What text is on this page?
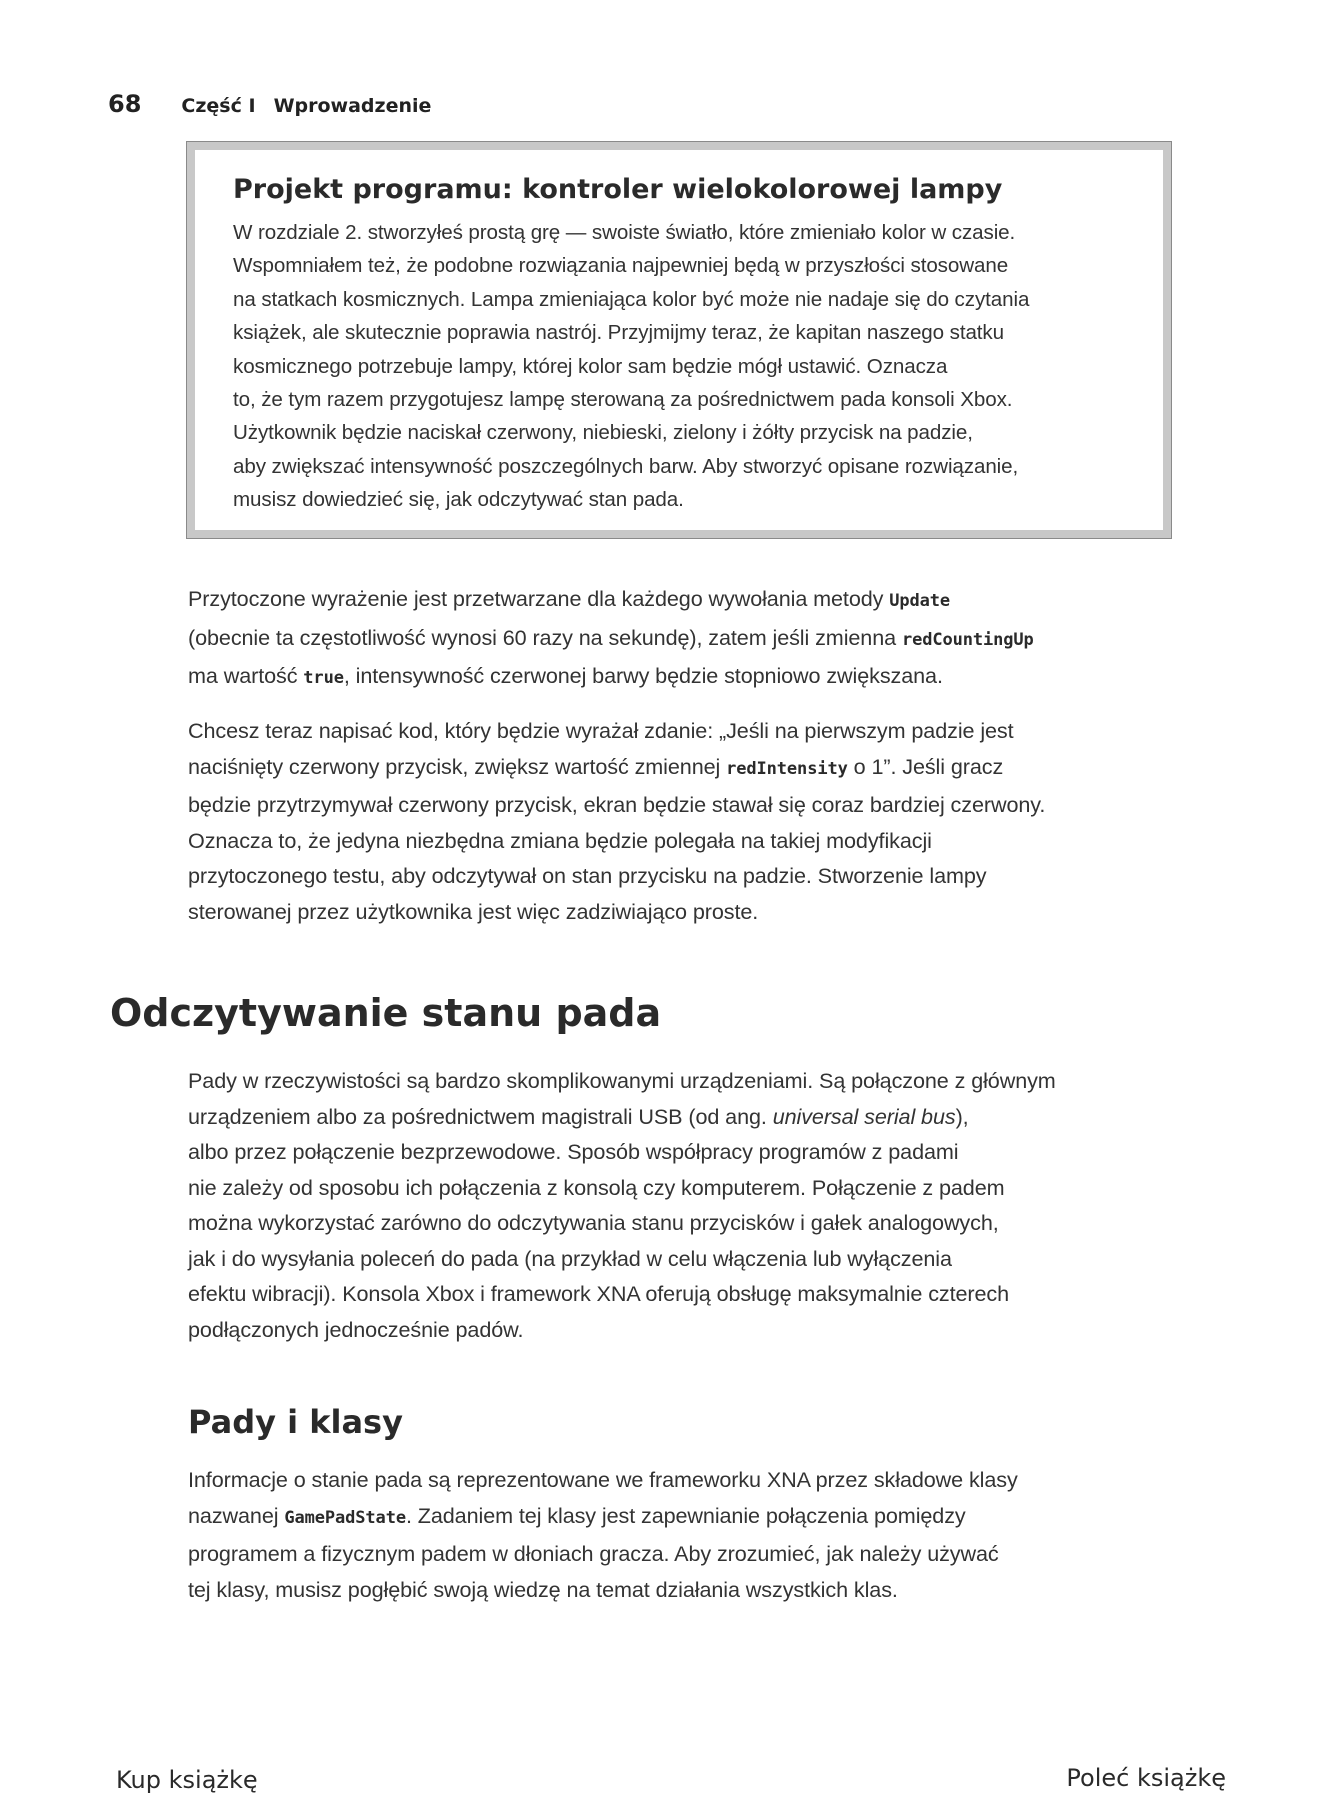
68 Część I Wprowadzenie
Projekt programu: kontroler wielokolorowej lampy

W rozdziale 2. stworzyłeś prostą grę — swoiste światło, które zmieniało kolor w czasie.
Wspomniałem też, że podobne rozwiązania najpewniej będą w przyszłości stosowane
na statkach kosmicznych. Lampa zmieniająca kolor być może nie nadaje się do czytania
książek, ale skutecznie poprawia nastrój. Przyjmijmy teraz, że kapitan naszego statku
kosmicznego potrzebuje lampy, której kolor sam będzie mógł ustawić. Oznacza
to, że tym razem przygotujesz lampę sterowaną za pośrednictwem pada konsoli Xbox.
Użytkownik będzie naciskał czerwony, niebieski, zielony i żółty przycisk na padzie,
aby zwiększać intensywność poszczególnych barw. Aby stworzyć opisane rozwiązanie,
musisz dowiedzieć się, jak odczytywać stan pada.

Przytoczone wyrażenie jest przetwarzane dla każdego wywołania metody Update
(obecnie ta częstotliwość wynosi 60 razy na sekundę), zatem jeśli zmienna redCountingUp
ma wartość true, intensywność czerwonej barwy będzie stopniowo zwiększana.

Chcesz teraz napisać kod, który będzie wyrażał zdanie: „Jeśli na pierwszym padzie jest
naciśnięty czerwony przycisk, zwiększ wartość zmiennej redIntensity o 1”. Jeśli gracz
będzie przytrzymywał czerwony przycisk, ekran będzie stawał się coraz bardziej czerwony.
Oznacza to, że jedyna niezbędna zmiana będzie polegała na takiej modyfikacji
przytoczonego testu, aby odczytywał on stan przycisku na padzie. Stworzenie lampy
sterowanej przez użytkownika jest więc zadziwiająco proste.

Odczytywanie stanu pada

Pady w rzeczywistości są bardzo skomplikowanymi urządzeniami. Są połączone z głównym
urządzeniem albo za pośrednictwem magistrali USB (od ang. universal serial bus),
albo przez połączenie bezprzewodowe. Sposób współpracy programów z padami
nie zależy od sposobu ich połączenia z konsolą czy komputerem. Połączenie z padem
można wykorzystać zarówno do odczytywania stanu przycisków i gałek analogowych,
jak i do wysyłania poleceń do pada (na przykład w celu włączenia lub wyłączenia
efektu wibracji). Konsola Xbox i framework XNA oferują obsługę maksymalnie czterech
podłączonych jednocześnie padów.

Pady i klasy

Informacje o stanie pada są reprezentowane we frameworku XNA przez składowe klasy
nazwanej GamePadState. Zadaniem tej klasy jest zapewnianie połączenia pomiędzy
programem a fizycznym padem w dłoniach gracza. Aby zrozumieć, jak należy używać
tej klasy, musisz pogłębić swoją wiedzę na temat działania wszystkich klas.

Kup książkę	Poleć książkę
